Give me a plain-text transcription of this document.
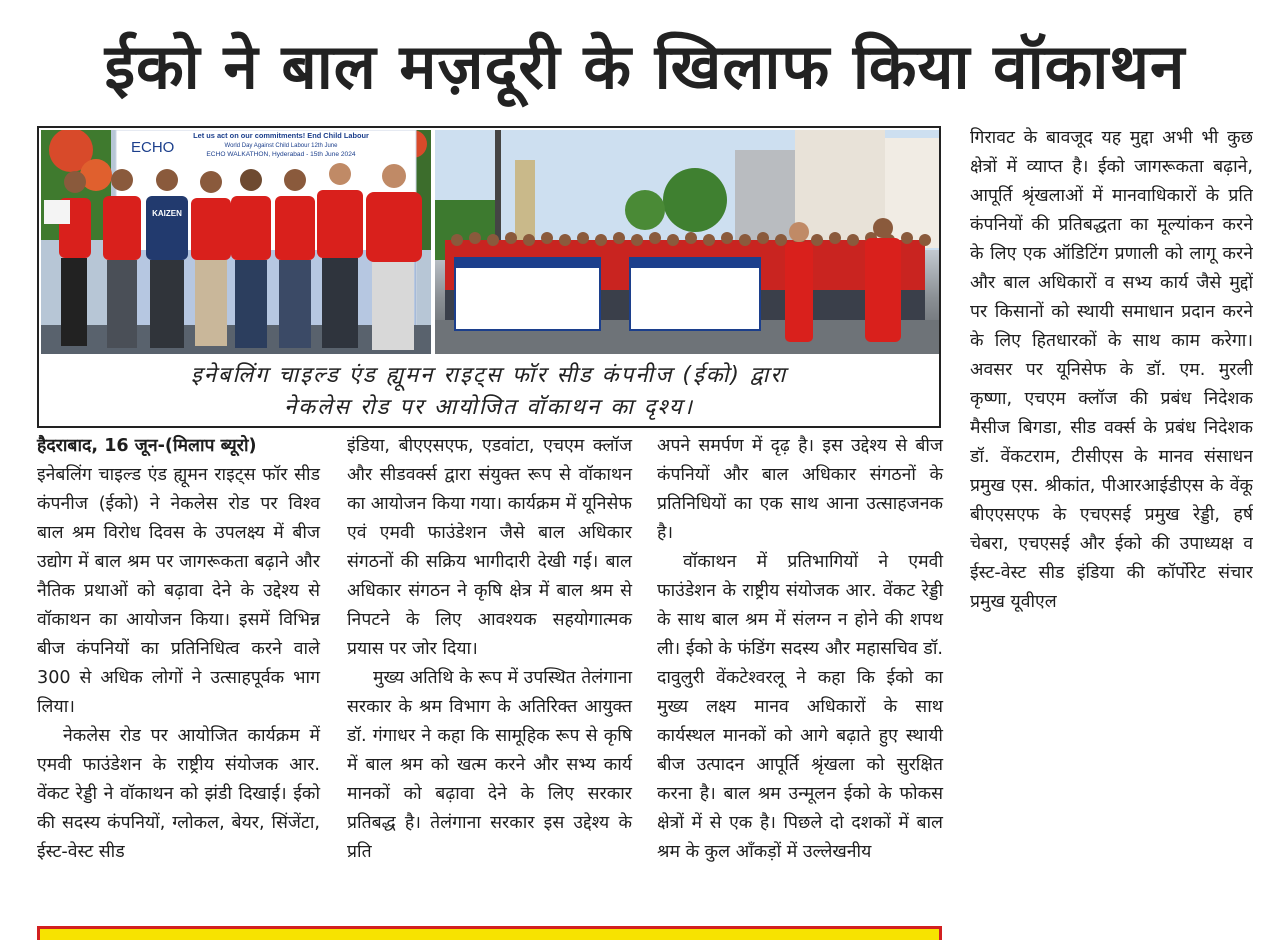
ईको ने बाल मज़दूरी के खिलाफ किया वॉकाथन
ECHO
Let us act on our commitments! End Child Labour
World Day Against Child Labour 12th June
ECHO WALKATHON, Hyderabad - 15th June 2024
KAIZEN
इनेबलिंग चाइल्ड एंड ह्यूमन राइट्स फॉर सीड कंपनीज (ईको) द्वारा
नेकलेस रोड पर आयोजित वॉकाथन का दृश्य।

हैदराबाद, 16 जून-(मिलाप ब्यूरो)

इनेबलिंग चाइल्ड एंड ह्यूमन राइट्स फॉर सीड कंपनीज (ईको) ने नेकलेस रोड पर विश्व बाल श्रम विरोध दिवस के उपलक्ष्य में बीज उद्योग में बाल श्रम पर जागरूकता बढ़ाने और नैतिक प्रथाओं को बढ़ावा देने के उद्देश्य से वॉकाथन का आयोजन किया। इसमें विभिन्न बीज कंपनियों का प्रतिनिधित्व करने वाले 300 से अधिक लोगों ने उत्साहपूर्वक भाग लिया।

नेकलेस रोड पर आयोजित कार्यक्रम में एमवी फाउंडेशन के राष्ट्रीय संयोजक आर. वेंकट रेड्डी ने वॉकाथन को झंडी दिखाई। ईको की सदस्य कंपनियों, ग्लोकल, बेयर, सिंजेंटा, ईस्ट-वेस्ट सीड

इंडिया, बीएएसएफ, एडवांटा, एचएम क्लॉज और सीडवर्क्स द्वारा संयुक्त रूप से वॉकाथन का आयोजन किया गया। कार्यक्रम में यूनिसेफ एवं एमवी फाउंडेशन जैसे बाल अधिकार संगठनों की सक्रिय भागीदारी देखी गई। बाल अधिकार संगठन ने कृषि क्षेत्र में बाल श्रम से निपटने के लिए आवश्यक सहयोगात्मक प्रयास पर जोर दिया।

मुख्य अतिथि के रूप में उपस्थित तेलंगाना सरकार के श्रम विभाग के अतिरिक्त आयुक्त डॉ. गंगाधर ने कहा कि सामूहिक रूप से कृषि में बाल श्रम को खत्म करने और सभ्य कार्य मानकों को बढ़ावा देने के लिए सरकार प्रतिबद्ध है। तेलंगाना सरकार इस उद्देश्य के प्रति

अपने समर्पण में दृढ़ है। इस उद्देश्य से बीज कंपनियों और बाल अधिकार संगठनों के प्रतिनिधियों का एक साथ आना उत्साहजनक है।

वॉकाथन में प्रतिभागियों ने एमवी फाउंडेशन के राष्ट्रीय संयोजक आर. वेंकट रेड्डी के साथ बाल श्रम में संलग्न न होने की शपथ ली। ईको के फंडिंग सदस्य और महासचिव डॉ. दावुलुरी वेंकटेश्वरलू ने कहा कि ईको का मुख्य लक्ष्य मानव अधिकारों के साथ कार्यस्थल मानकों को आगे बढ़ाते हुए स्थायी बीज उत्पादन आपूर्ति श्रृंखला को सुरक्षित करना है। बाल श्रम उन्मूलन ईको के फोकस क्षेत्रों में से एक है। पिछले दो दशकों में बाल श्रम के कुल आँकड़ों में उल्लेखनीय

गिरावट के बावजूद यह मुद्दा अभी भी कुछ क्षेत्रों में व्याप्त है। ईको जागरूकता बढ़ाने, आपूर्ति श्रृंखलाओं में मानवाधिकारों के प्रति कंपनियों की प्रतिबद्धता का मूल्यांकन करने के लिए एक ऑडिटिंग प्रणाली को लागू करने और बाल अधिकारों व सभ्य कार्य जैसे मुद्दों पर किसानों को स्थायी समाधान प्रदान करने के लिए हितधारकों के साथ काम करेगा। अवसर पर यूनिसेफ के डॉ. एम. मुरली कृष्णा, एचएम क्लॉज की प्रबंध निदेशक मैसीज बिगडा, सीड वर्क्स के प्रबंध निदेशक डॉ. वेंकटराम, टीसीएस के मानव संसाधन प्रमुख एस. श्रीकांत, पीआरआईडीएस के वेंकू बीएएसएफ के एचएसई प्रमुख रेड्डी, हर्ष चेबरा, एचएसई और ईको की उपाध्यक्ष व ईस्ट-वेस्ट सीड इंडिया की कॉर्पोरेट संचार प्रमुख यूवीएल
